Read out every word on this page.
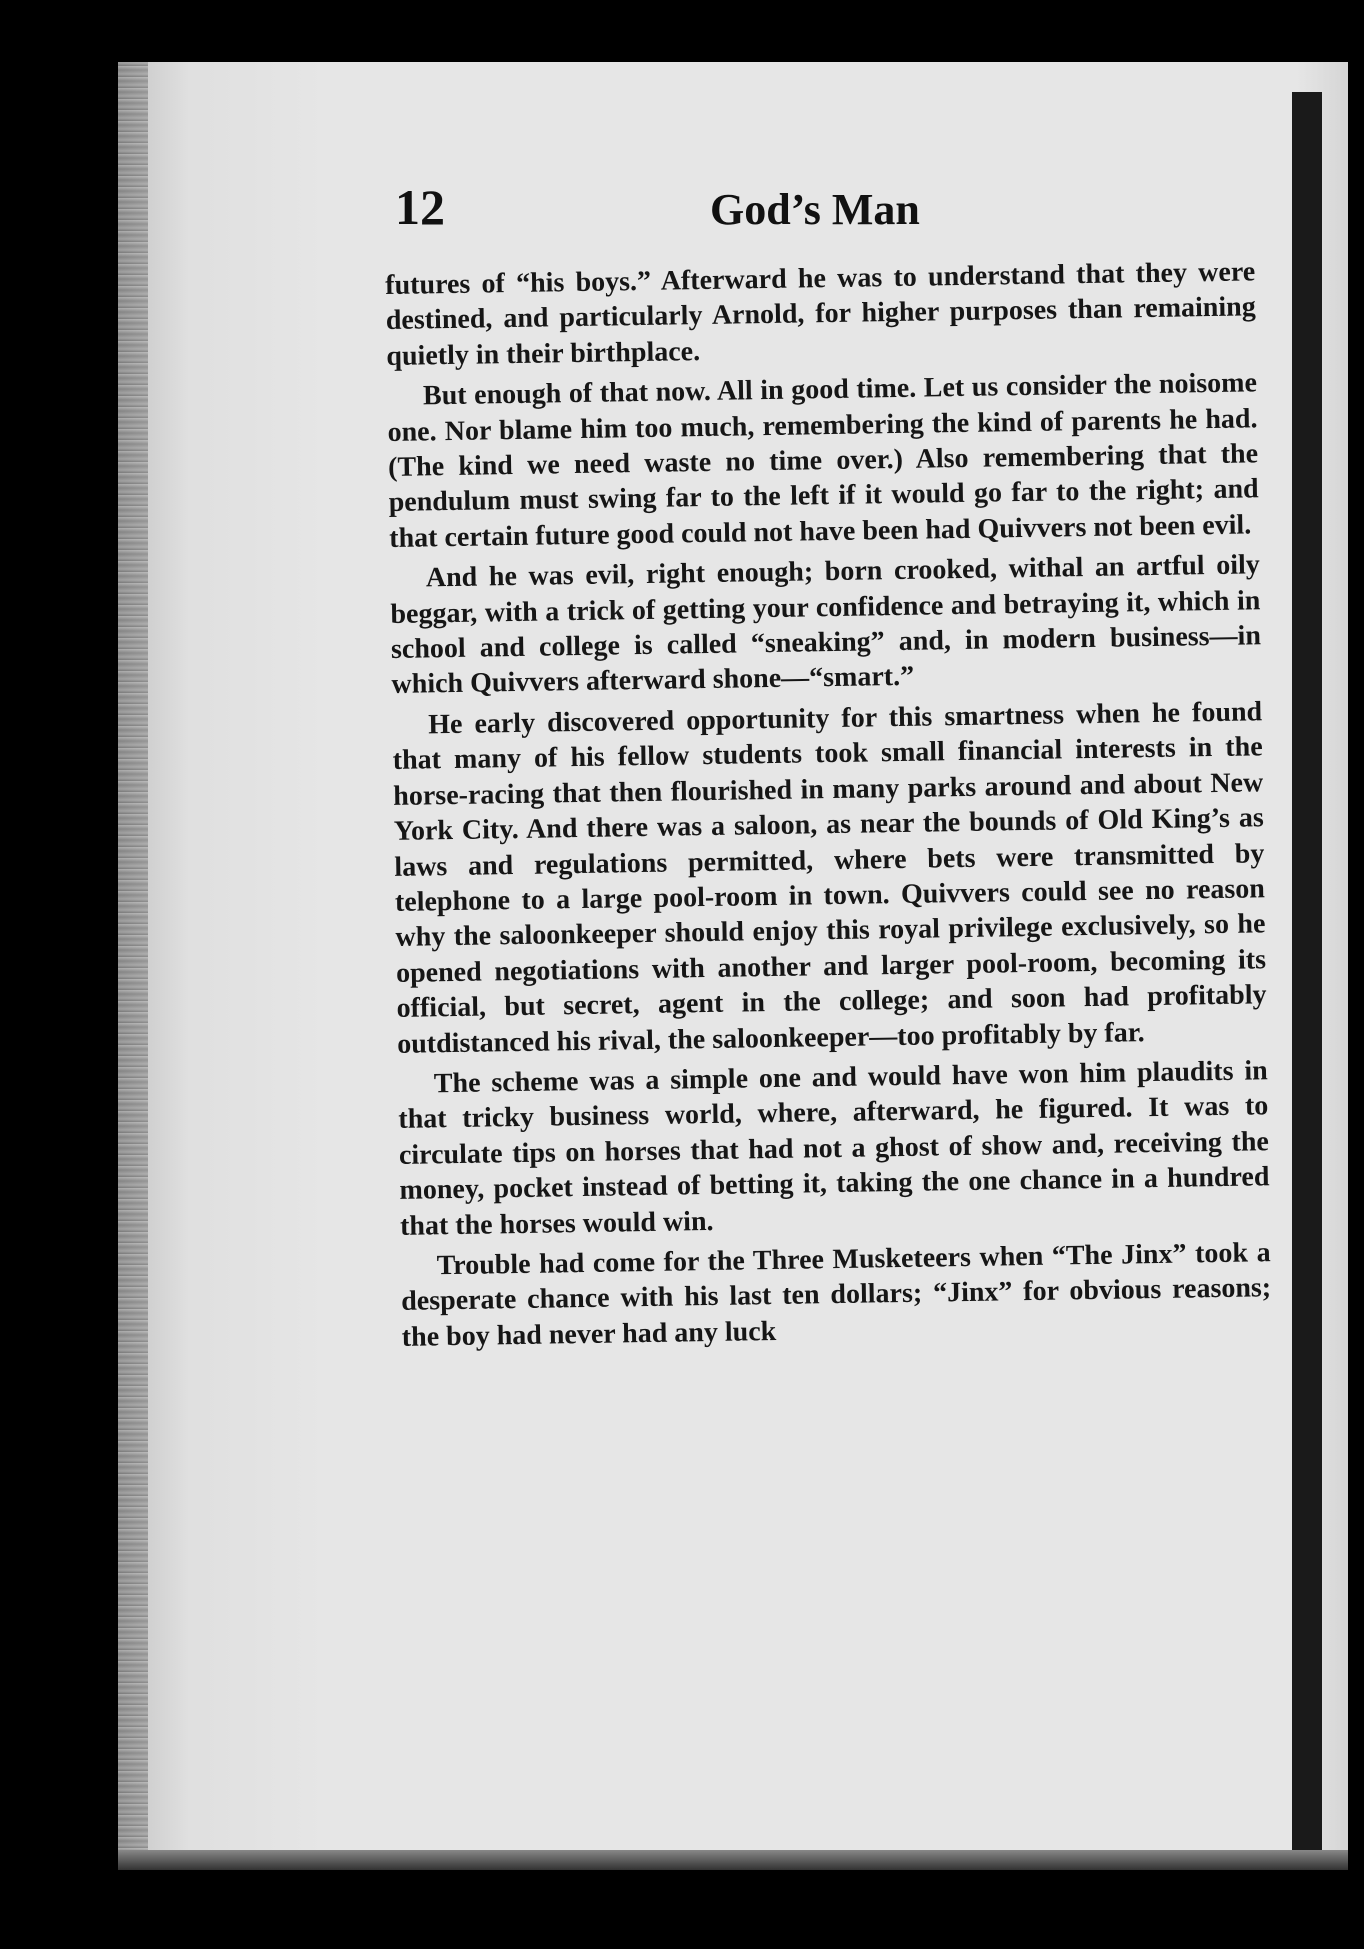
12	God’s Man

futures of “his boys.” Afterward he was to understand that they were destined, and particularly Arnold, for higher purposes than remaining quietly in their birthplace.

But enough of that now. All in good time. Let us consider the noisome one. Nor blame him too much, remembering the kind of parents he had. (The kind we need waste no time over.) Also remembering that the pendulum must swing far to the left if it would go far to the right; and that certain future good could not have been had Quivvers not been evil.

And he was evil, right enough; born crooked, withal an artful oily beggar, with a trick of getting your confidence and betraying it, which in school and college is called “sneaking” and, in modern business—in which Quivvers afterward shone—“smart.”

He early discovered opportunity for this smartness when he found that many of his fellow students took small financial interests in the horse-racing that then flourished in many parks around and about New York City. And there was a saloon, as near the bounds of Old King’s as laws and regulations permitted, where bets were transmitted by telephone to a large pool-room in town. Quivvers could see no reason why the saloonkeeper should enjoy this royal privilege exclusively, so he opened negotiations with another and larger pool-room, becoming its official, but secret, agent in the college; and soon had profitably outdistanced his rival, the saloonkeeper—too profitably by far.

The scheme was a simple one and would have won him plaudits in that tricky business world, where, afterward, he figured. It was to circulate tips on horses that had not a ghost of show and, receiving the money, pocket instead of betting it, taking the one chance in a hundred that the horses would win.

Trouble had come for the Three Musketeers when “The Jinx” took a desperate chance with his last ten dollars; “Jinx” for obvious reasons; the boy had never had any luck
